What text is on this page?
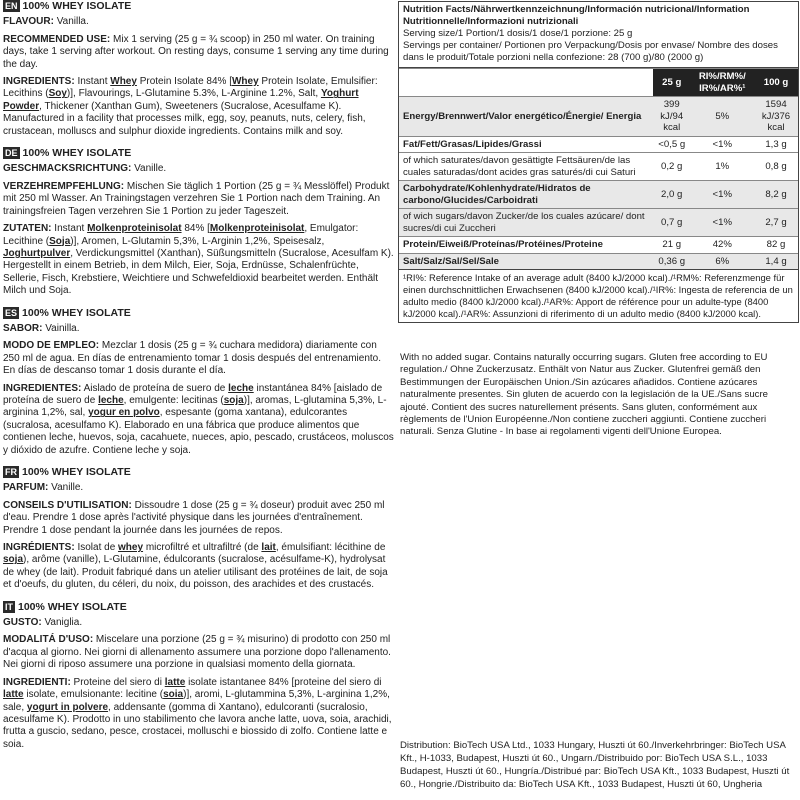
EN 100% WHEY ISOLATE

FLAVOUR: Vanilla.

RECOMMENDED USE: Mix 1 serving (25 g = ¾ scoop) in 250 ml water. On training days, take 1 serving after workout. On resting days, consume 1 serving any time during the day.

INGREDIENTS: Instant Whey Protein Isolate 84% [Whey Protein Isolate, Emulsifier: Lecithins (Soy)], Flavourings, L-Glutamine 5.3%, L-Arginine 1.2%, Salt, Yoghurt Powder, Thickener (Xanthan Gum), Sweeteners (Sucralose, Acesulfame K). Manufactured in a facility that processes milk, egg, soy, peanuts, nuts, celery, fish, crustacean, molluscs and sulphur dioxide ingredients. Contains milk and soy.

DE 100% WHEY ISOLATE

GESCHMACKSRICHTUNG: Vanille.

VERZEHREMPFEHLUNG: Mischen Sie täglich 1 Portion (25 g = ¾ Messlöffel) Produkt mit 250 ml Wasser. An Trainingstagen verzehren Sie 1 Portion nach dem Training. An trainingsfreien Tagen verzehren Sie 1 Portion zu jeder Tageszeit.

ZUTATEN: Instant Molkenproteinisolat 84% [Molkenproteinisolat, Emulgator: Lecithine (Soja)], Aromen, L-Glutamin 5,3%, L-Arginin 1,2%, Speisesalz, Joghurtpulver, Verdickungsmittel (Xanthan), Süßungsmitteln (Sucralose, Acesulfam K). Hergestellt in einem Betrieb, in dem Milch, Eier, Soja, Erdnüsse, Schalenfrüchte, Sellerie, Fisch, Krebstiere, Weichtiere und Schwefeldioxid bearbeitet werden. Enthält Milch und Soja.

ES 100% WHEY ISOLATE

SABOR: Vainilla.

MODO DE EMPLEO: Mezclar 1 dosis (25 g = ¾ cuchara medidora) diariamente con 250 ml de agua. En días de entrenamiento tomar 1 dosis después del entrenamiento. En días de descanso tomar 1 dosis durante el día.

INGREDIENTES: Aislado de proteína de suero de leche instantánea 84% [aislado de proteína de suero de leche, emulgente: lecitinas (soja)], aromas, L-glutamina 5,3%, L-arginina 1,2%, sal, yogur en polvo, espesante (goma xantana), edulcorantes (sucralosa, acesulfamo K). Elaborado en una fábrica que produce alimentos que contienen leche, huevos, soja, cacahuete, nueces, apio, pescado, crustáceos, moluscos y dióxido de azufre. Contiene leche y soja.

FR 100% WHEY ISOLATE

PARFUM: Vanille.

CONSEILS D'UTILISATION: Dissoudre 1 dose (25 g = ¾ doseur) produit avec 250 ml d'eau. Prendre 1 dose après l'activité physique dans les journées d'entraînement. Prendre 1 dose pendant la journée dans les journées de repos.

INGRÉDIENTS: Isolat de whey microfiltré et ultrafiltré (de lait, émulsifiant: lécithine de soja), arôme (vanille), L-Glutamine, édulcorants (sucralose, acésulfame-K), hydrolysat de whey (de lait). Produit fabriqué dans un atelier utilisant des protéines de lait, de soja et d'oeufs, du gluten, du céleri, du noix, du poisson, des arachides et des crustacés.

IT 100% WHEY ISOLATE

GUSTO: Vaniglia.

MODALITÁ D'USO: Miscelare una porzione (25 g = ¾ misurino) di prodotto con 250 ml d'acqua al giorno. Nei giorni di allenamento assumere una porzione dopo l'allenamento. Nei giorni di riposo assumere una porzione in qualsiasi momento della giornata.

INGREDIENTI: Proteine del siero di latte isolate istantanee 84% [proteine del siero di latte isolate, emulsionante: lecitine (soia)], aromi, L-glutammina 5,3%, L-arginina 1,2%, sale, yogurt in polvere, addensante (gomma di Xantano), edulcoranti (sucralosio, acesulfame K). Prodotto in uno stabilimento che lavora anche latte, uova, soia, arachidi, frutta a guscio, sedano, pesce, crostacei, molluschi e biossido di zolfo. Contiene latte e soia.

Nutrition Facts/Nährwertkennzeichnung/Información nutricional/Information Nutritionnelle/Informazioni nutrizionali
Serving size/1 Portion/1 dosis/1 dose/1 porzione: 25 g
Servings per container/ Portionen pro Verpackung/Dosis por envase/ Nombre des doses dans le produit/Totale porzioni nella confezione: 28 (700 g)/80 (2000 g)
	25 g	RI%/RM%/ IR%/AR%¹	100 g
Energy/Brennwert/Valor energético/Énergie/ Energia	399 kJ/94 kcal	5%	1594 kJ/376 kcal
Fat/Fett/Grasas/Lipides/Grassi	<0,5 g	<1%	1,3 g
of which saturates/davon gesättigte Fettsäuren/de las cuales saturadas/dont acides gras saturés/di cui Saturi	0,2 g	1%	0,8 g
Carbohydrate/Kohlenhydrate/Hidratos de carbono/Glucides/Carboidrati	2,0 g	<1%	8,2 g
of wich sugars/davon Zucker/de los cuales azúcare/ dont sucres/di cui Zuccheri	0,7 g	<1%	2,7 g
Protein/Eiweiß/Proteínas/Protéines/Proteine	21 g	42%	82 g
Salt/Salz/Sal/Sel/Sale	0,36 g	6%	1,4 g
¹RI%: Reference Intake of an average adult (8400 kJ/2000 kcal)./¹RM%: Referenzmenge für einen durchschnittlichen Erwachsenen (8400 kJ/2000 kcal)./¹IR%: Ingesta de referencia de un adulto medio (8400 kJ/2000 kcal)./¹AR%: Apport de référence pour un adulte-type (8400 kJ/2000 kcal)./¹AR%: Assunzioni di riferimento di un adulto medio (8400 kJ/2000 kcal).
With no added sugar. Contains naturally occurring sugars. Gluten free according to EU regulation./ Ohne Zuckerzusatz. Enthält von Natur aus Zucker. Glutenfrei gemäß den Bestimmungen der Europäischen Union./Sin azúcares añadidos. Contiene azúcares naturalmente presentes. Sin gluten de acuerdo con la legislación de la UE./Sans sucre ajouté. Contient des sucres naturellement présents. Sans gluten, conformément aux règlements de l'Union Européenne./Non contiene zuccheri aggiunti. Contiene zuccheri naturali. Senza Glutine - In base ai regolamenti vigenti dell'Unione Europea.
Distribution: BioTech USA Ltd., 1033 Hungary, Huszti út 60./Inverkehrbringer: BioTech USA Kft., H-1033, Budapest, Huszti út 60., Ungarn./Distribuido por: BioTech USA S.L., 1033 Budapest, Huszti út 60., Hungría./Distribué par: BioTech USA Kft., 1033 Budapest, Huszti út 60., Hongrie./Distribuito da: BioTech USA Kft., 1033 Budapest, Huszti út 60, Ungheria
